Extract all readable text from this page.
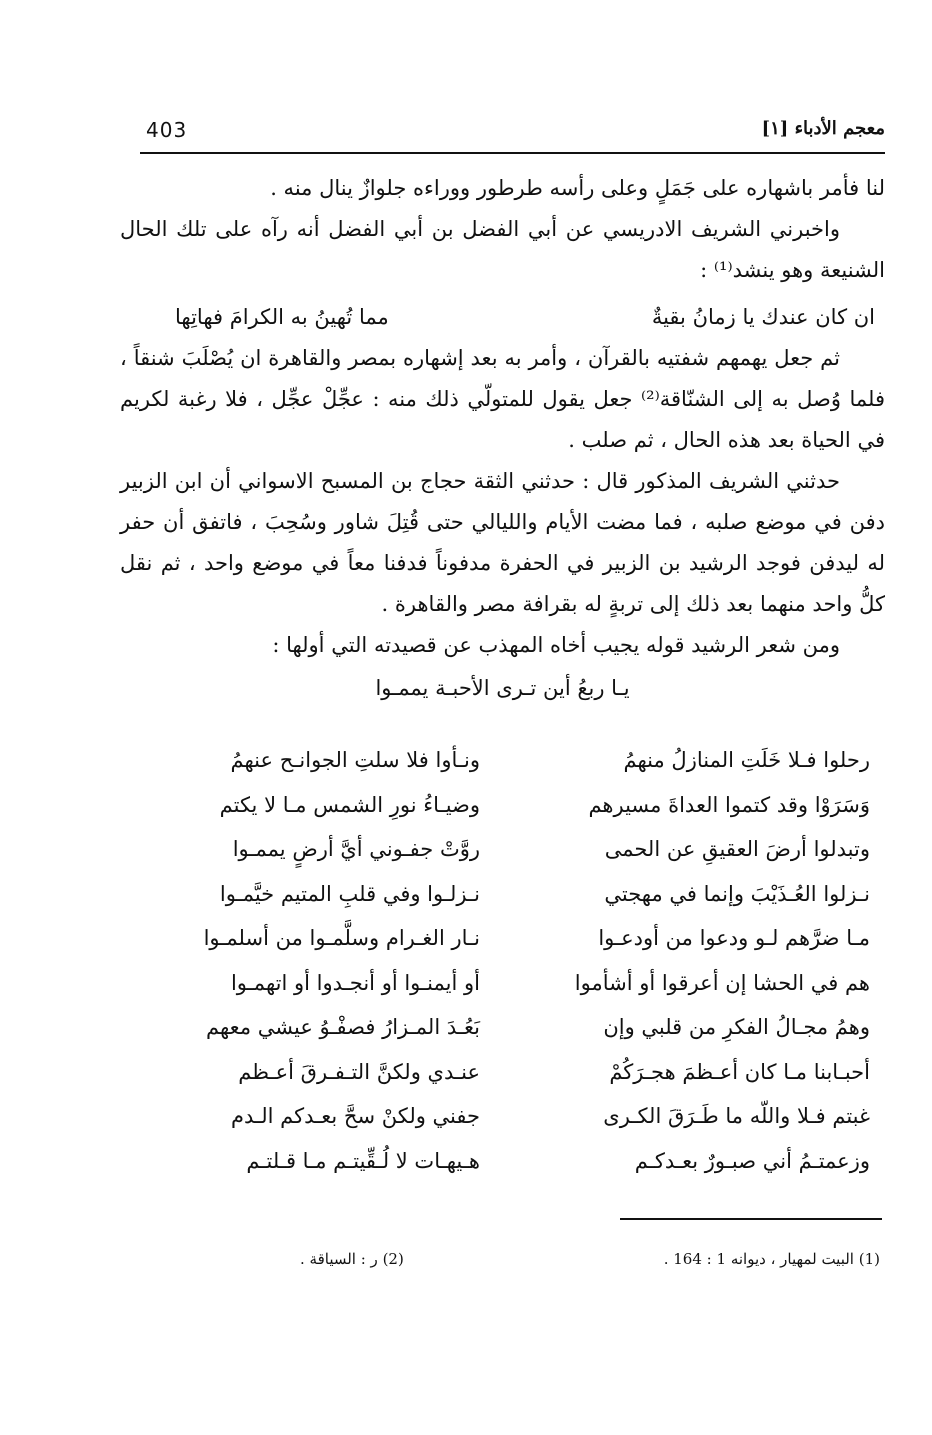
403	معجم الأدباء [١]

لنا فأمر باشهاره على جَمَلٍ وعلى رأسه طرطور ووراءه جلوازٌ ينال منه .

واخبرني الشريف الادريسي عن أبي الفضل بن أبي الفضل أنه رآه على تلك الحال الشنيعة وهو ينشد⁽¹⁾ :

ان كان عندك يا زمانُ بقيةٌ
مما تُهينُ به الكرامَ فهاتِها

ثم جعل يهمهم شفتيه بالقرآن ، وأمر به بعد إشهاره بمصر والقاهرة ان يُصْلَبَ شنقاً ، فلما وُصل به إلى الشنّاقة⁽²⁾ جعل يقول للمتولّي ذلك منه : عجِّلْ عجِّل ، فلا رغبة لكريم في الحياة بعد هذه الحال ، ثم صلب .

حدثني الشريف المذكور قال : حدثني الثقة حجاج بن المسبح الاسواني أن ابن الزبير دفن في موضع صلبه ، فما مضت الأيام والليالي حتى قُتِلَ شاور وسُحِبَ ، فاتفق أن حفر له ليدفن فوجد الرشيد بن الزبير في الحفرة مدفوناً فدفنا معاً في موضع واحد ، ثم نقل كلُّ واحد منهما بعد ذلك إلى تربةٍ له بقرافة مصر والقاهرة .

ومن شعر الرشيد قوله يجيب أخاه المهذب عن قصيدته التي أولها :

يـا ربعُ أين تـرى الأحبـة يممـوا
رحلوا فـلا خَلَتِ المنازلُ منهمُ
ونـأوا فلا سلتِ الجوانـح عنهمُ
وَسَرَوْا وقد كتموا العداةَ مسيرهم
وضيـاءُ نورِ الشمس مـا لا يكتم
وتبدلوا أرضَ العقيقِ عن الحمى
روَّتْ جفـوني أيَّ أرضٍ يممـوا
نـزلوا العُـذَيْبَ وإنما في مهجتي
نـزلـوا وفي قلبِ المتيم خيَّمـوا
مـا ضرَّهم لـو ودعوا من أودعـوا
نـار الغـرام وسلَّمـوا من أسلمـوا
هم في الحشا إن أعرقوا أو أشأموا
أو أيمنـوا أو أنجـدوا أو اتهمـوا
وهمُ مجـالُ الفكرِ من قلبي وإن
بَعُـدَ المـزارُ فصفْـوُ عيشي معهم
أحبـابنا مـا كان أعـظمَ هجـرَكُمْ
عنـدي ولكنَّ التـفـرقَ أعـظم
غبتم فـلا واللّه ما طَـرَقَ الكـرى
جفني ولكنْ سحَّ بعـدكم الـدم
وزعمتـمُ أني صبـورٌ بعـدكـم
هـيهـات لا لُـقِّيتـم مـا قـلتـم
(1) البيت لمهيار ، ديوانه 1 : 164 .
(2) ر : السياقة .
